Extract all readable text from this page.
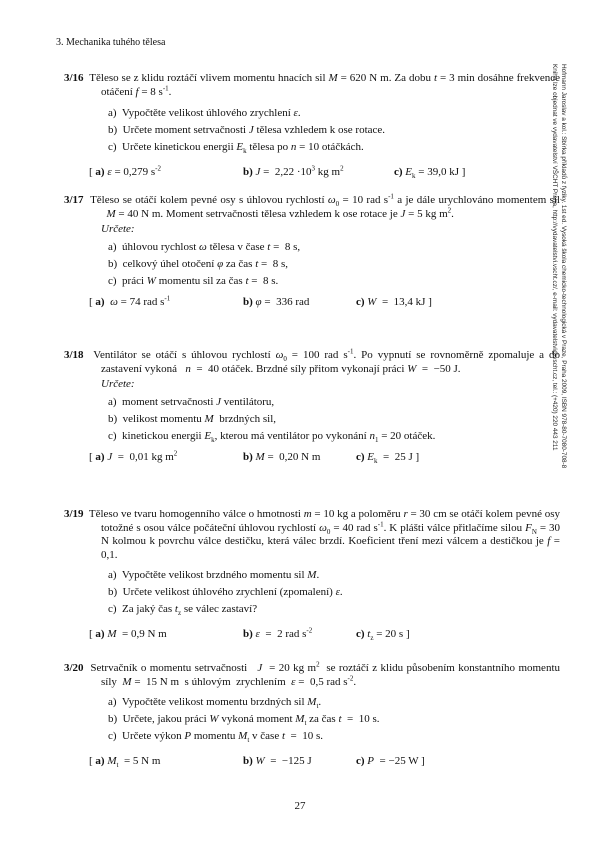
3. Mechanika tuhého tělesa
Hofmann Jaroslav a kol.: Sbírka příkladů z fyziky. 1st ed. Vysoká škola chemicko-technologická v Praze, Praha 2009, ISBN 978-80-7080-708-8
Kniha lze objednat ve vydavatelství VŠCHT Praha, http://vydavatelstvi.vscht.cz/, e-mail: vydavatelstvi@vscht.cz, tel.: (+420) 220 443 211
3/16 Těleso se z klidu roztáčí vlivem momentu hnacích sil M = 620 N m. Za dobu t = 3 min dosáhne frekvence otáčení f = 8 $s^{-1}$.
a)  Vypočtěte velikost úhlového zrychlení ε.
b)  Určete moment setrvačnosti J tělesa vzhledem k ose rotace.
c)  Určete kinetickou energii $E_k$ tělesa po n = 10 otáčkách.
[ a) ε = 0,279 $s^{-2}$	b) $J = 2,22 \cdot 10^3$ kg $m^2$	c) $E_k = 39,0$ kJ ]
3/17 Těleso se otáčí kolem pevné osy s úhlovou rychlostí $\omega_0 = 10$ rad $s^{-1}$ a je dále urychlováno momentem sil   M = 40 N m. Moment setrvačnosti tělesa vzhledem k ose rotace je J = 5 kg $m^2$.
Určete:
a)  úhlovou rychlost ω tělesa v čase t =  8 s,
b)  celkový úhel otočení φ za čas t =  8 s,
c)  práci W momentu sil za čas t =  8 s.
[ a) ω = 74 rad $s^{-1}$	b) φ =  336 rad	c) W  =  13,4 kJ ]
3/18 Ventilátor se otáčí s úhlovou rychlostí $\omega_0 = 100$ rad $s^{-1}$. Po vypnutí se rovnoměrně zpomaluje a do zastavení vykoná   n  =  40 otáček. Brzdné síly přitom vykonají práci W  =  −50 J.
Určete:
a)  moment setrvačnosti J ventilátoru,
b)  velikost momentu M  brzdných sil,
c)  kinetickou energii $E_k$, kterou má ventilátor po vykonání $n_1 = 20$ otáček.
[ a) J  =  0,01 kg $m^2$	b) M =  0,20 N m	c) $E_k = 25$ J ]
3/19 Těleso ve tvaru homogenního válce o hmotnosti m = 10 kg a poloměru r = 30 cm se otáčí kolem pevné osy totožné s osou válce počáteční úhlovou rychlostí $\omega_0 = 40$ rad $s^{-1}$. K plášti válce přitlačíme silou $F_N = 30$ N kolmou k povrchu válce destičku, která válec brzdí. Koeficient tření mezi válcem a destičkou je f = 0,1.
a)  Vypočtěte velikost brzdného momentu sil M.
b)  Určete velikost úhlového zrychlení (zpomalení) ε.
c)  Za jaký čas $t_z$ se válec zastaví?
[ a) M  = 0,9 N m	b) ε  =  2 rad $s^{-2}$	c) $t_z = 20$ s ]
3/20 Setrvačník o momentu setrvačnosti   J  = 20 kg $m^2$  se roztáčí z klidu působením konstantního momentu síly  M =  15 N m  s úhlovým  zrychlením  ε =  0,5 rad $s^{-2}$.
a)  Vypočtěte velikost momentu brzdných sil $M_t$.
b)  Určete, jakou práci W vykoná moment $M_t$ za čas t  =  10 s.
c)  Určete výkon P momentu $M_t$ v čase t  =  10 s.
[ a) $M_t = 5$ N m	b) W  =  −125 J	c) P  = −25 W ]
27
